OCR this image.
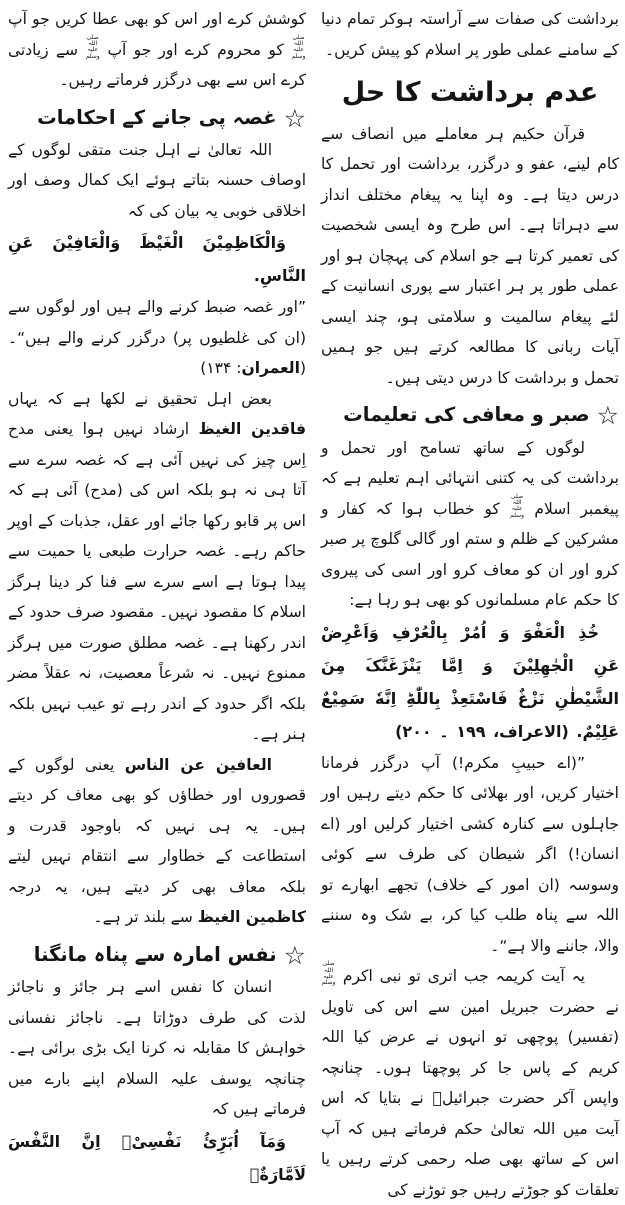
برداشت کی صفات سے آراستہ ہوکر تمام دنیا کے سامنے عملی طور پر اسلام کو پیش کریں۔
عدم برداشت کا حل
قرآن حکیم ہر معاملے میں انصاف سے کام لینے، عفو و درگزر، برداشت اور تحمل کا درس دیتا ہے۔ وہ اپنا یہ پیغام مختلف انداز سے دہراتا ہے۔ اس طرح وہ ایسی شخصیت کی تعمیر کرتا ہے جو اسلام کی پہچان ہو اور عملی طور پر ہر اعتبار سے پوری انسانیت کے لئے پیغام سالمیت و سلامتی ہو، چند ایسی آیات ربانی کا مطالعہ کرتے ہیں جو ہمیں تحمل و برداشت کا درس دیتی ہیں۔
☆
صبر و معافی کی تعلیمات
لوگوں کے ساتھ تسامح اور تحمل و برداشت کی یہ کتنی انتہائی اہم تعلیم ہے کہ پیغمبر اسلام صلی اللہ علیہ وسلم کو خطاب ہوا کہ کفار و مشرکین کے ظلم و ستم اور گالی گلوچ پر صبر کرو اور ان کو معاف کرو اور اسی کی پیروی کا حکم عام مسلمانوں کو بھی ہو رہا ہے:
خُذِ الْعَفْوَ وَ اُمُرْ بِالْعُرْفِ وَاَعْرِضْ عَنِ الْجٰهِلِیْنَ وَ اِمَّا یَنْزَغَنَّکَ مِنَ الشَّیْطٰنِ نَزْغٌ فَاسْتَعِذْ بِاللّٰهِؕ اِنَّهٗ سَمِیْعٌ عَلِیْمٌ. (الاعراف، ۱۹۹ ۔ ۲۰۰)
”(اے حبیبِ مکرم!) آپ درگزر فرمانا اختیار کریں، اور بھلائی کا حکم دیتے رہیں اور جاہلوں سے کنارہ کشی اختیار کرلیں اور (اے انسان!) اگر شیطان کی طرف سے کوئی وسوسہ (ان امور کے خلاف) تجھے ابھارے تو اللہ سے پناہ طلب کیا کر، بے شک وہ سننے والا، جاننے والا ہے“۔
یہ آیت کریمہ جب اتری تو نبی اکرم صلی اللہ علیہ وسلم نے حضرت جبریل امین سے اس کی تاویل (تفسیر) پوچھی تو انہوں نے عرض کیا اللہ کریم کے پاس جا کر پوچھتا ہوں۔ چنانچہ واپس آکر حضرت جبرائیلؑ نے بتایا کہ اس آیت میں اللہ تعالیٰ حکم فرماتے ہیں کہ آپ اس کے ساتھ بھی صلہ رحمی کرتے رہیں یا تعلقات کو جوڑتے رہیں جو توڑنے کی
کوشش کرے اور اس کو بھی عطا کریں جو آپ صلی اللہ علیہ وسلم کو محروم کرے اور جو آپ صلی اللہ علیہ وسلم سے زیادتی کرے اس سے بھی درگزر فرماتے رہیں۔
☆
غصہ پی جانے کے احکامات
اللہ تعالیٰ نے اہل جنت متقی لوگوں کے اوصاف حسنہ بتاتے ہوئے ایک کمال وصف اور اخلاقی خوبی یہ بیان کی کہ
وَالْکَاظِمِیْنَ الْغَیْظَ وَالْعَافِیْنَ عَنِ النَّاسِ.
”اور غصہ ضبط کرنے والے ہیں اور لوگوں سے (ان کی غلطیوں پر) درگزر کرنے والے ہیں“۔ (العمران: ۱۳۴)
بعض اہل تحقیق نے لکھا ہے کہ یہاں فاقدین الغیظ ارشاد نہیں ہوا یعنی مدح اِس چیز کی نہیں آئی ہے کہ غصہ سرے سے آتا ہی نہ ہو بلکہ اس کی (مدح) آئی ہے کہ اس پر قابو رکھا جائے اور عقل، جذبات کے اوپر حاکم رہے۔ غصہ حرارت طبعی یا حمیت سے پیدا ہوتا ہے اسے سرے سے فنا کر دینا ہرگز اسلام کا مقصود نہیں۔ مقصود صرف حدود کے اندر رکھنا ہے۔ غصہ مطلق صورت میں ہرگز ممنوع نہیں۔ نہ شرعاً معصیت، نہ عقلاً مضر بلکہ اگر حدود کے اندر رہے تو عیب نہیں بلکہ ہنر ہے۔
العافین عن الناس یعنی لوگوں کے قصوروں اور خطاؤں کو بھی معاف کر دیتے ہیں۔ یہ ہی نہیں کہ باوجود قدرت و استطاعت کے خطاوار سے انتقام نہیں لیتے بلکہ معاف بھی کر دیتے ہیں، یہ درجہ کاظمین الغیظ سے بلند تر ہے۔
☆
نفس امارہ سے پناہ مانگنا
انسان کا نفس اسے ہر جائز و ناجائز لذت کی طرف دوڑاتا ہے۔ ناجائز نفسانی خواہش کا مقابلہ نہ کرنا ایک بڑی برائی ہے۔ چنانچہ یوسف علیہ السلام اپنے بارے میں فرماتے ہیں کہ
وَمَآ اُبَرِّئُ نَفْسِیْۚ اِنَّ النَّفْسَ لَاَمَّارَةٌۢ
